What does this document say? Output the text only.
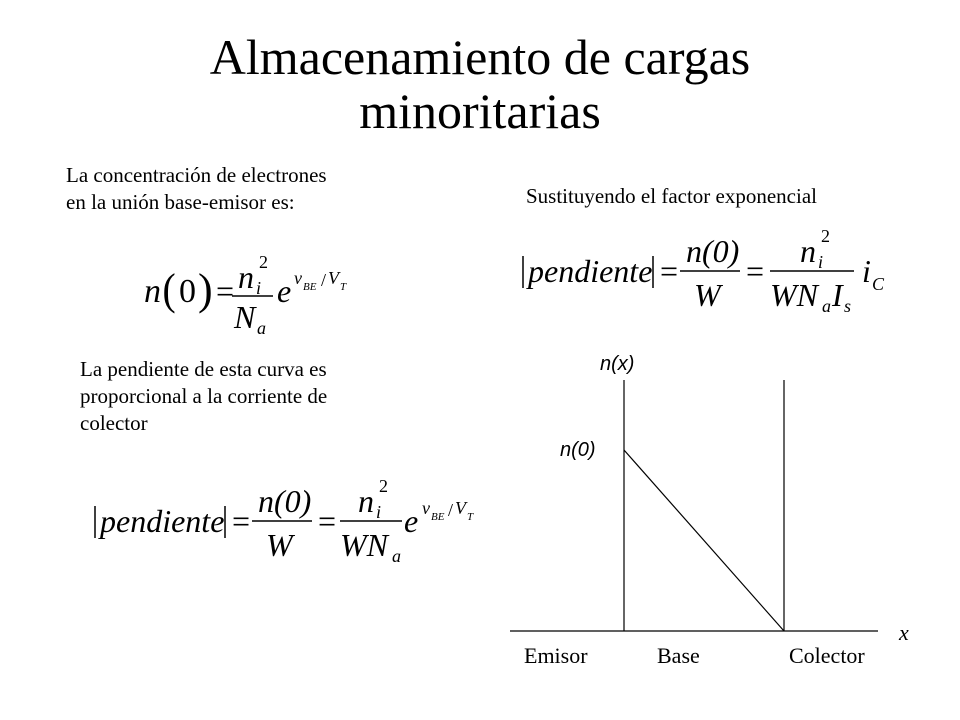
Almacenamiento de cargas
minoritarias
La concentración de electrones
en la unión base-emisor es:
La pendiente de esta curva es
proporcional a la corriente de
colector
Sustituyendo el factor exponencial
n ( 0 ) = n i
2
N a
e v BE / V T
pendiente =
n(0)
W
=
n i
2
WN a
e v BE / V T
pendiente =
n(0)
W
=
n i
2
WN a I s
i C
n(x)
n(0)
x
Emisor	Base	Colector
